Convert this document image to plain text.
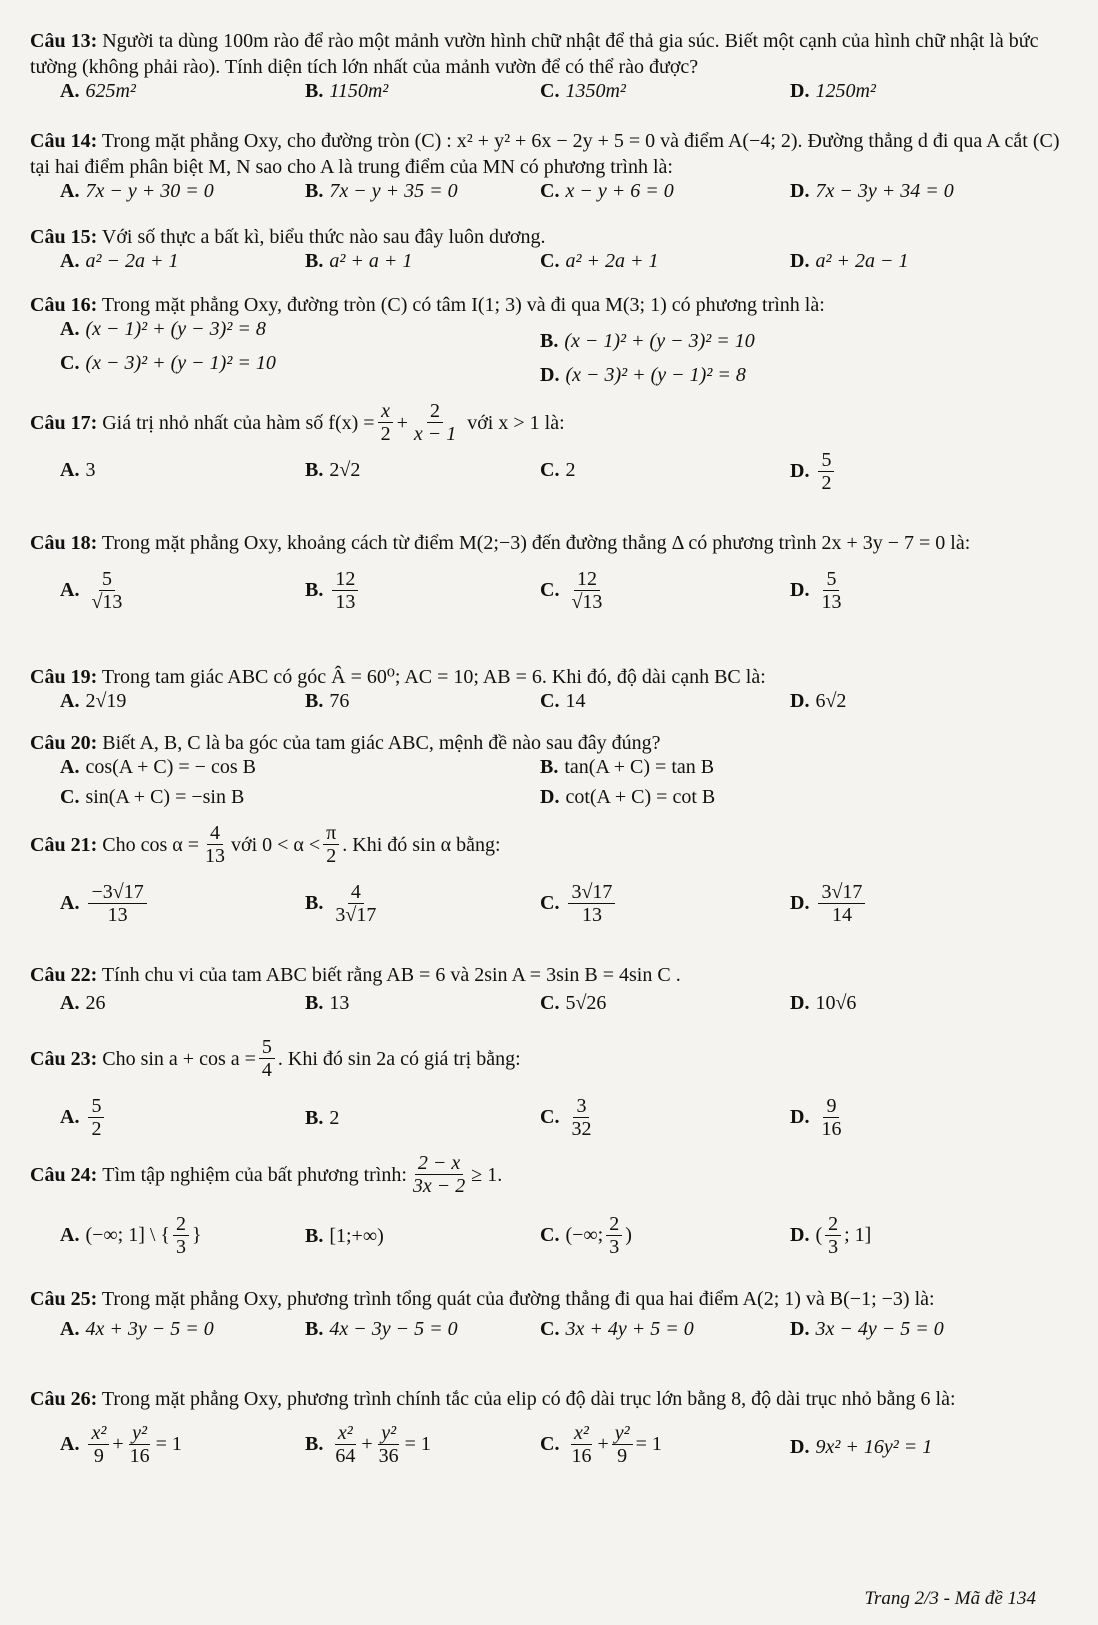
Câu 13: Người ta dùng 100m rào để rào một mảnh vườn hình chữ nhật để thả gia súc. Biết một cạnh của hình chữ nhật là bức tường (không phải rào). Tính diện tích lớn nhất của mảnh vườn để có thể rào được?
A. 625m²	B. 1150m²	C. 1350m²	D. 1250m²
Câu 14: Trong mặt phẳng Oxy, cho đường tròn (C) : x² + y² + 6x − 2y + 5 = 0 và điểm A(−4; 2). Đường thẳng d đi qua A cắt (C) tại hai điểm phân biệt M, N sao cho A là trung điểm của MN có phương trình là:
A. 7x − y + 30 = 0	B. 7x − y + 35 = 0	C. x − y + 6 = 0	D. 7x − 3y + 34 = 0
Câu 15: Với số thực a bất kì, biểu thức nào sau đây luôn dương.
A. a² − 2a + 1	B. a² + a + 1	C. a² + 2a + 1	D. a² + 2a − 1
Câu 16: Trong mặt phẳng Oxy, đường tròn (C) có tâm I(1; 3) và đi qua M(3; 1) có phương trình là:
A. (x − 1)² + (y − 3)² = 8
B. (x − 1)² + (y − 3)² = 10
C. (x − 3)² + (y − 1)² = 10
D. (x − 3)² + (y − 1)² = 8
Câu 17:
Giá trị nhỏ nhất của hàm số $f(x) = \frac{x}{2} + \frac{2}{x - 1}$
với x > 1 là:
A. 3	B. 2√2	C. 2	D. $\frac{5}{2}$
Câu 18: Trong mặt phẳng Oxy, khoảng cách từ điểm M(2;−3) đến đường thẳng Δ có phương trình 2x + 3y − 7 = 0 là:
A. $\frac{5}{√13}$	B. $\frac{12}{13}$	C. $\frac{12}{√13}$	D. $\frac{5}{13}$
Câu 19: Trong tam giác ABC có góc Â = 60⁰; AC = 10; AB = 6. Khi đó, độ dài cạnh BC là:
A. 2√19	B. 76	C. 14	D. 6√2
Câu 20: Biết A, B, C là ba góc của tam giác ABC, mệnh đề nào sau đây đúng?
A. cos(A + C) = − cos B	B. tan(A + C) = tan B
C. sin(A + C) = −sin B	D. cot(A + C) = cot B
Câu 21:
Cho $\cos \alpha = \frac{4}{13}$ với $0 < \alpha < \frac{\pi}{2}$ . Khi đó sin α bằng:
A. $\frac{-3√17}{13}$	B. $\frac{4}{3√17}$	C. $\frac{3√17}{13}$	D. $\frac{3√17}{14}$
Câu 22: Tính chu vi của tam ABC biết rằng AB = 6 và 2sin A = 3sin B = 4sin C .
A. 26	B. 13	C. 5√26	D. 10√6
Câu 23:
Cho $\sin a + \cos a = \frac{5}{4}$ . Khi đó sin 2a có giá trị bằng:
A. $\frac{5}{2}$	B. 2	C. $\frac{3}{32}$	D. $\frac{9}{16}$
Câu 24:
Tìm tập nghiệm của bất phương trình: $\frac{2 - x}{3x - 2} \ge 1$.
A. (−∞; 1] \ { $\frac{2}{3}$ }	B. [1;+∞)	C. (−∞; $\frac{2}{3}$ )	D. ( $\frac{2}{3}$ ; 1]
Câu 25: Trong mặt phẳng Oxy, phương trình tổng quát của đường thẳng đi qua hai điểm A(2; 1) và B(−1; −3) là:
A. 4x + 3y − 5 = 0	B. 4x − 3y − 5 = 0	C. 3x + 4y + 5 = 0	D. 3x − 4y − 5 = 0
Câu 26: Trong mặt phẳng Oxy, phương trình chính tắc của elip có độ dài trục lớn bằng 8, độ dài trục nhỏ bằng 6 là:
A. $\frac{\text{x²}}{9} + \frac{\text{y²}}{16} = 1$	B. $\frac{\text{x²}}{64} + \frac{\text{y²}}{36} = 1$	C. $\frac{\text{x²}}{16} + \frac{\text{y²}}{9} = 1$	D. 9x² + 16y² = 1
Trang 2/3 - Mã đề 134
